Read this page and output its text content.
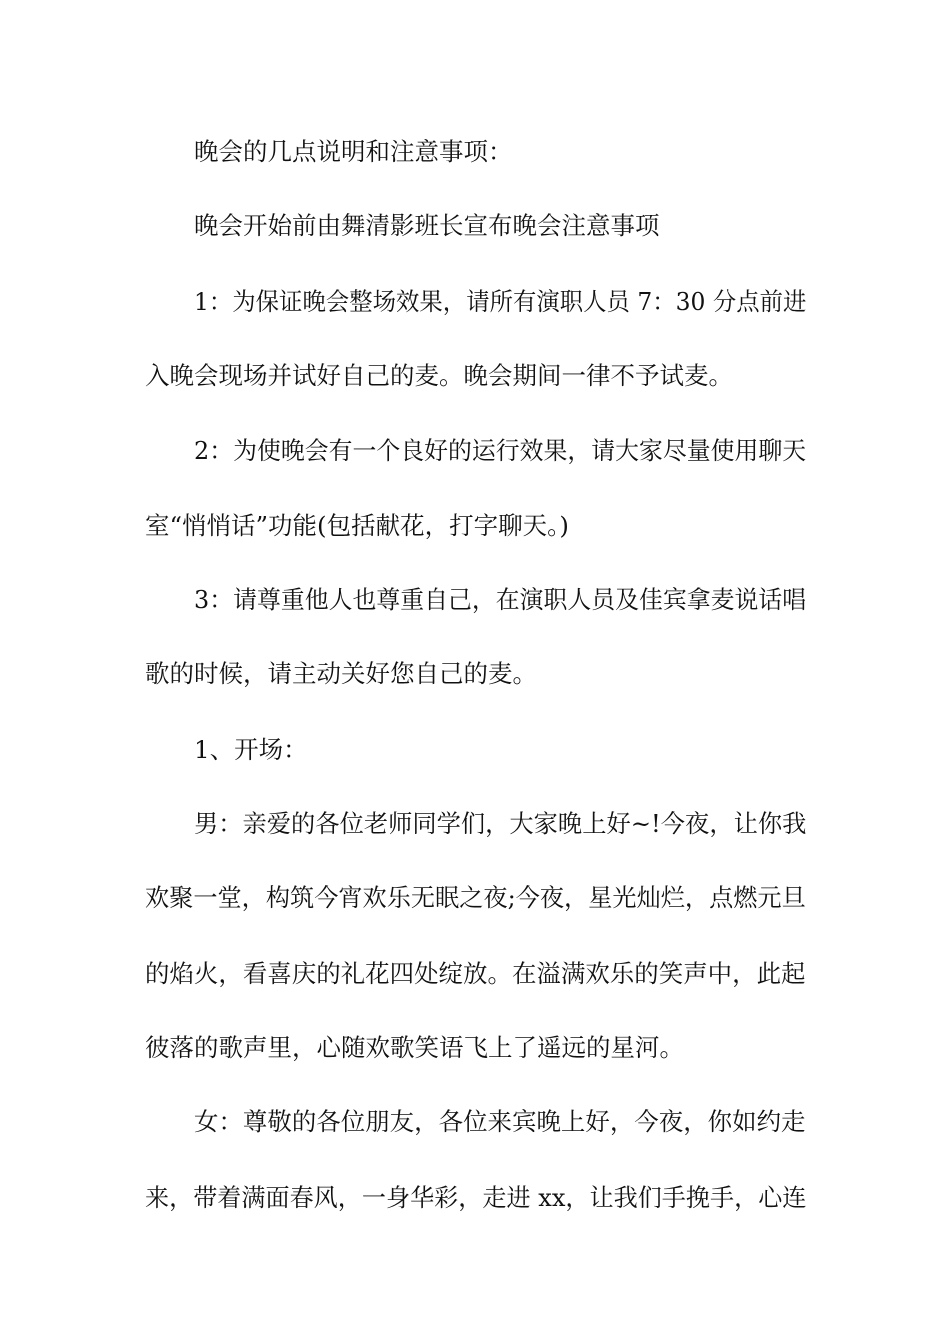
晚会的几点说明和注意事项：
晚会开始前由舞清影班长宣布晚会注意事项
1：为保证晚会整场效果，请所有演职人员 7：30 分点前进
入晚会现场并试好自己的麦。晚会期间一律不予试麦。
2：为使晚会有一个良好的运行效果，请大家尽量使用聊天
室“悄悄话”功能(包括献花，打字聊天。)
3：请尊重他人也尊重自己，在演职人员及佳宾拿麦说话唱
歌的时候，请主动关好您自己的麦。
1、开场：
男：亲爱的各位老师同学们，大家晚上好~!今夜，让你我
欢聚一堂，构筑今宵欢乐无眠之夜;今夜，星光灿烂，点燃元旦
的焰火，看喜庆的礼花四处绽放。在溢满欢乐的笑声中，此起
彼落的歌声里，心随欢歌笑语飞上了遥远的星河。
女：尊敬的各位朋友，各位来宾晚上好，今夜，你如约走
来，带着满面春风，一身华彩，走进 xx，让我们手挽手，心连
